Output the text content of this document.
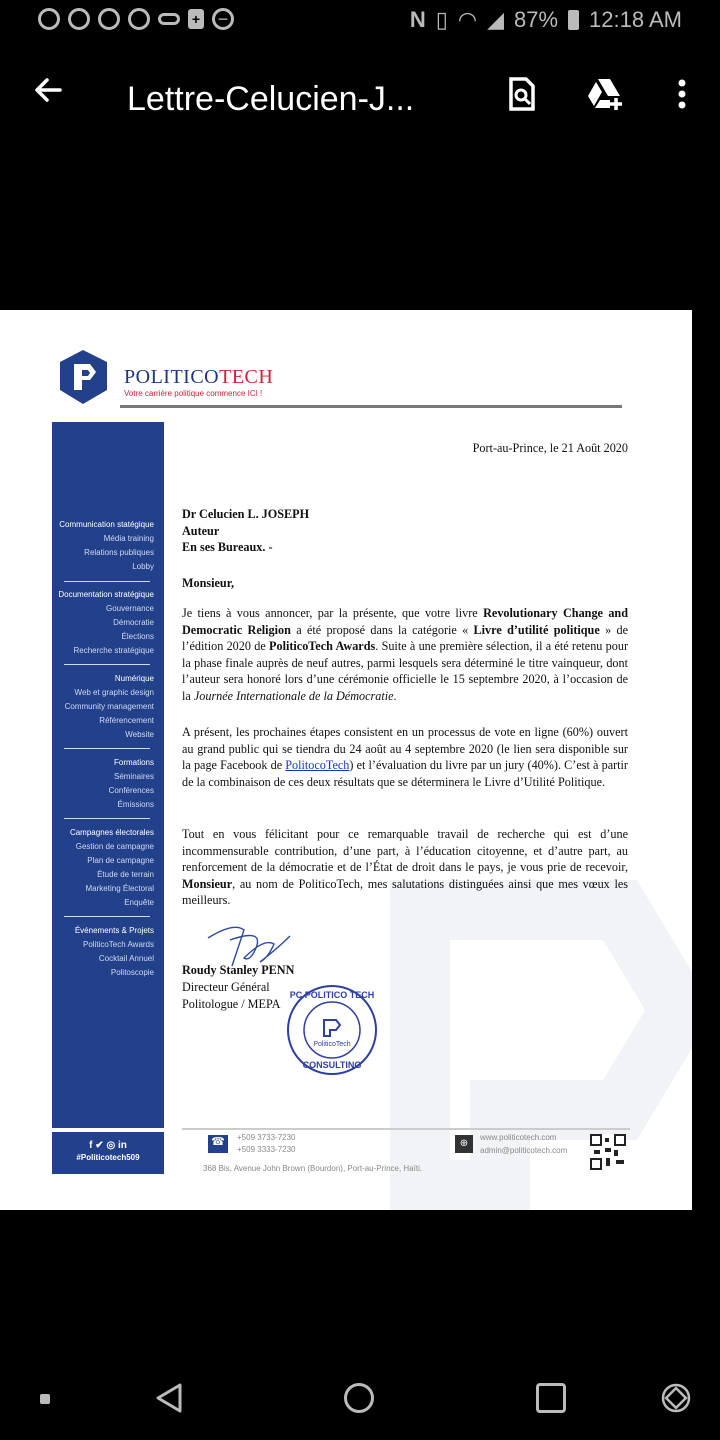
+ −	N ▯ ◠ ◢ 87% 12:18 AM
Lettre-Celucien-J...
POLITICOTECH
Votre carrière politique commence ICI !
Communication statégique
Média training
Relations publiques
Lobby
Documentation stratégique
Gouvernance
Démocratie
Élections
Recherche stratégique
Numérique
Web et graphic design
Community management
Référencement
Website
Formations
Séminaires
Conférences
Émissions
Campagnes électorales
Gestion de campagne
Plan de campagne
Étude de terrain
Marketing Électoral
Enquête
Événements & Projets
PoliticoTech Awards
Cocktail Annuel
Politoscopie
f ✔ ◎ in
#Politicotech509
Port-au-Prince, le 21 Août 2020
Dr Celucien L. JOSEPH
Auteur
En ses Bureaux. -
Monsieur,
Je tiens à vous annoncer, par la présente, que votre livre Revolutionary Change and Democratic Religion a été proposé dans la catégorie « Livre d’utilité politique » de l’édition 2020 de PoliticoTech Awards. Suite à une première sélection, il a été retenu pour la phase finale auprès de neuf autres, parmi lesquels sera déterminé le titre vainqueur, dont l’auteur sera honoré lors d’une cérémonie officielle le 15 septembre 2020, à l’occasion de la Journée Internationale de la Démocratie.
A présent, les prochaines étapes consistent en un processus de vote en ligne (60%) ouvert au grand public qui se tiendra du 24 août au 4 septembre 2020 (le lien sera disponible sur la page Facebook de PolitocoTech) et l’évaluation du livre par un jury (40%). C’est à partir de la combinaison de ces deux résultats que se déterminera le Livre d’Utilité Politique.
Tout en vous félicitant pour ce remarquable travail de recherche qui est d’une incommensurable contribution, d’une part, à l’éducation citoyenne, et d’autre part, au renforcement de la démocratie et de l’État de droit dans le pays, je vous prie de recevoir, Monsieur, au nom de PoliticoTech, mes salutations distinguées ainsi que mes vœux les meilleurs.
Roudy Stanley PENN
Directeur Général
Politologue / MEPA
PC POLITICO TECH
PoliticoTech
CONSULTING
☎	+509 3733-7230
+509 3333-7230
368 Bis, Avenue John Brown (Bourdon), Port-au-Prince, Haïti.
⊕
www.politicotech.com
admin@politicotech.com
